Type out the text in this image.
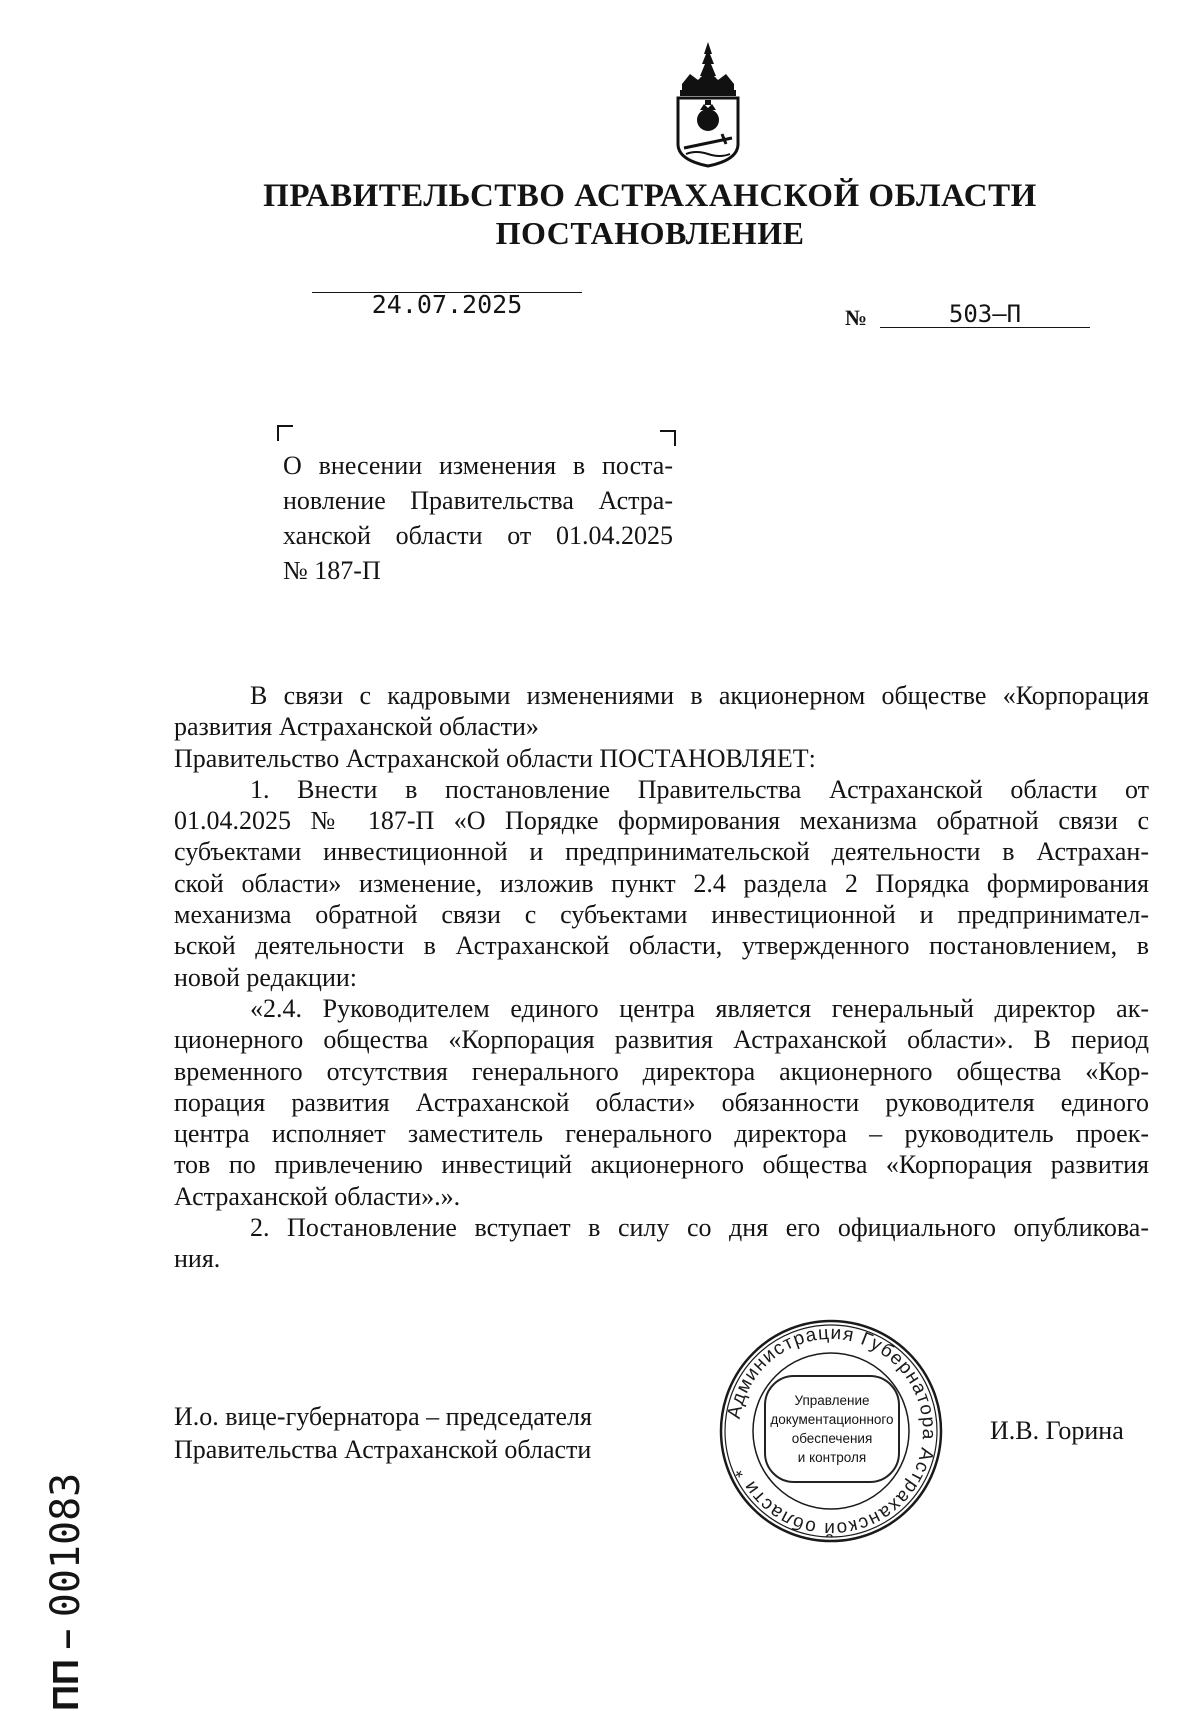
ПРАВИТЕЛЬСТВО АСТРАХАНСКОЙ ОБЛАСТИ
ПОСТАНОВЛЕНИЕ
24.07.2025	№	503–П
О внесении изменения в поста-
новление Правительства Астра-
ханской области от 01.04.2025
№ 187-П

В связи с кадровыми изменениями в акционерном обществе «Корпорация
развития Астраханской области»

Правительство Астраханской области ПОСТАНОВЛЯЕТ:

1. Внести в постановление Правительства Астраханской области от
01.04.2025 № 187-П «О Порядке формирования механизма обратной связи с
субъектами инвестиционной и предпринимательской деятельности в Астрахан-
ской области» изменение, изложив пункт 2.4 раздела 2 Порядка формирования
механизма обратной связи с субъектами инвестиционной и предпринимател-
ьской деятельности в Астраханской области, утвержденного постановлением, в
новой редакции:

«2.4. Руководителем единого центра является генеральный директор ак-
ционерного общества «Корпорация развития Астраханской области». В период
временного отсутствия генерального директора акционерного общества «Кор-
порация развития Астраханской области» обязанности руководителя единого
центра исполняет заместитель генерального директора – руководитель проек-
тов по привлечению инвестиций акционерного общества «Корпорация развития
Астраханской области».».

2. Постановление вступает в силу со дня его официального опубликова-
ния.

И.о. вице-губернатора – председателя
Правительства Астраханской области
И.В. Горина
Администрация Губернатора Астраханской области *
Управление
документационного
обеспечения
и контроля
001083
ПП –
